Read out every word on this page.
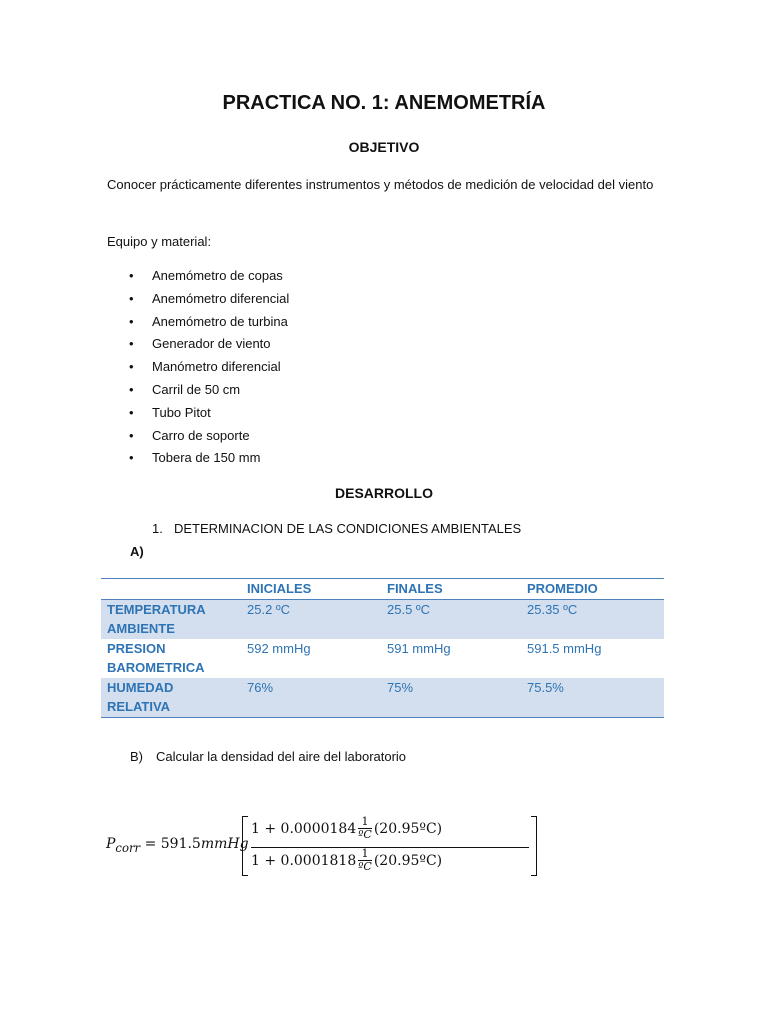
PRACTICA NO. 1: ANEMOMETRÍA
OBJETIVO
Conocer prácticamente diferentes instrumentos y métodos de medición de velocidad del viento
Equipo y material:
• Anemómetro de copas
• Anemómetro diferencial
• Anemómetro de turbina
• Generador de viento
• Manómetro diferencial
• Carril de 50 cm
• Tubo Pitot
• Carro de soporte
• Tobera de 150 mm
DESARROLLO
1. DETERMINACION DE LAS CONDICIONES AMBIENTALES
A)
	INICIALES	FINALES	PROMEDIO
TEMPERATURA AMBIENTE	25.2 ºC	25.5 ºC	25.35 ºC
PRESION BAROMETRICA	592 mmHg	591 mmHg	591.5 mmHg
HUMEDAD RELATIVA	76%	75%	75.5%
B) Calcular la densidad del aire del laboratorio
$P_{corr}$ = 591.5mmHg
$1 + 0.0000184 \frac{1}{\text{ºC}}$ (20.95ºC)
$1 + 0.0001818 \frac{1}{\text{ºC}}$ (20.95ºC)
